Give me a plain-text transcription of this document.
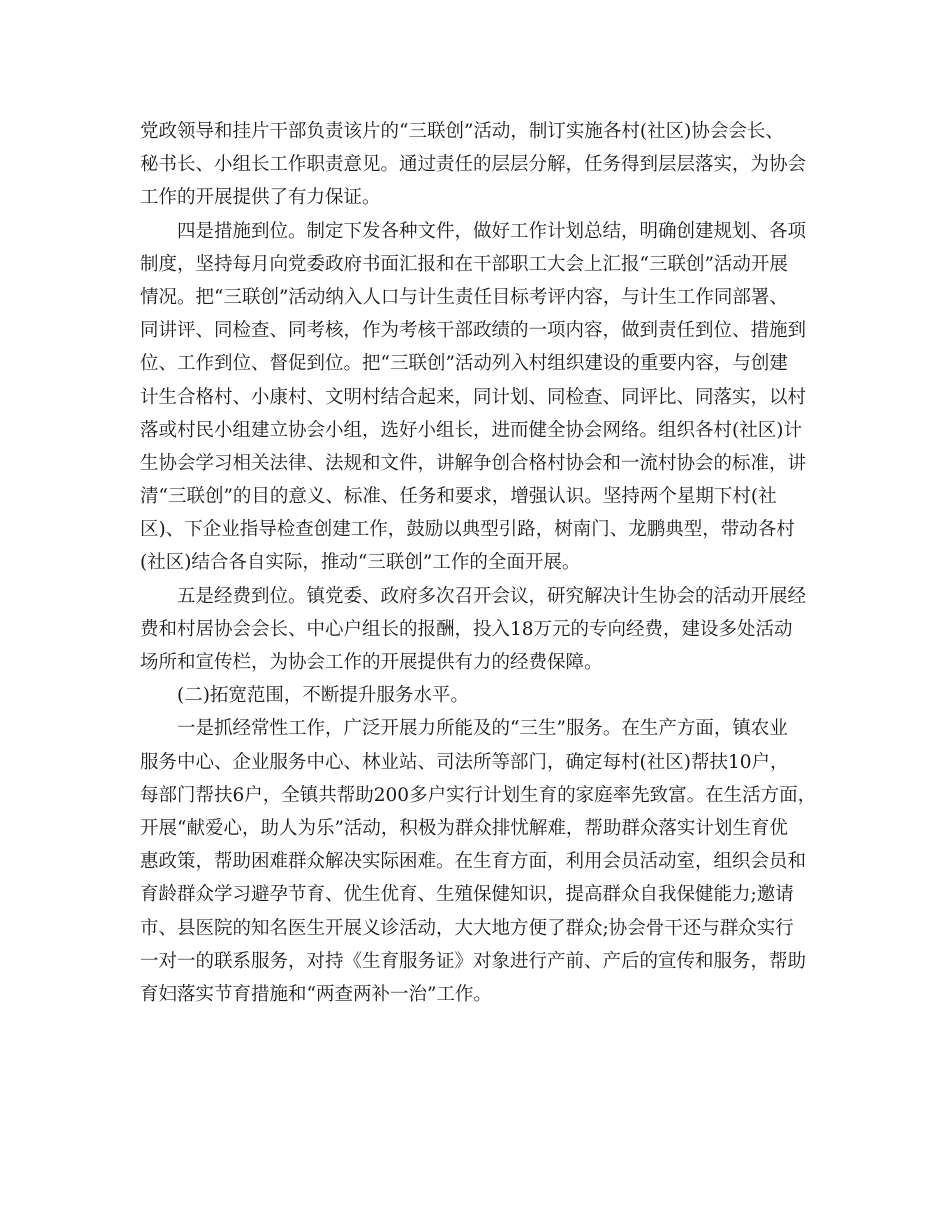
党政领导和挂片干部负责该片的“三联创”活动，制订实施各村(社区)协会会长、
秘书长、小组长工作职责意见。通过责任的层层分解，任务得到层层落实，为协会
工作的开展提供了有力保证。
四是措施到位。制定下发各种文件，做好工作计划总结，明确创建规划、各项
制度，坚持每月向党委政府书面汇报和在干部职工大会上汇报“三联创”活动开展
情况。把“三联创”活动纳入人口与计生责任目标考评内容，与计生工作同部署、
同讲评、同检查、同考核，作为考核干部政绩的一项内容，做到责任到位、措施到
位、工作到位、督促到位。把“三联创”活动列入村组织建设的重要内容，与创建
计生合格村、小康村、文明村结合起来，同计划、同检查、同评比、同落实，以村
落或村民小组建立协会小组，选好小组长，进而健全协会网络。组织各村(社区)计
生协会学习相关法律、法规和文件，讲解争创合格村协会和一流村协会的标准，讲
清“三联创”的目的意义、标准、任务和要求，增强认识。坚持两个星期下村(社
区)、下企业指导检查创建工作，鼓励以典型引路，树南门、龙鹏典型，带动各村
(社区)结合各自实际，推动“三联创”工作的全面开展。
五是经费到位。镇党委、政府多次召开会议，研究解决计生协会的活动开展经
费和村居协会会长、中心户组长的报酬，投入18万元的专向经费，建设多处活动
场所和宣传栏，为协会工作的开展提供有力的经费保障。
(二)拓宽范围，不断提升服务水平。
一是抓经常性工作，广泛开展力所能及的“三生”服务。在生产方面，镇农业
服务中心、企业服务中心、林业站、司法所等部门，确定每村(社区)帮扶10户，
每部门帮扶6户，全镇共帮助200多户实行计划生育的家庭率先致富。在生活方面，
开展“献爱心，助人为乐”活动，积极为群众排忧解难，帮助群众落实计划生育优
惠政策，帮助困难群众解决实际困难。在生育方面，利用会员活动室，组织会员和
育龄群众学习避孕节育、优生优育、生殖保健知识，提高群众自我保健能力;邀请
市、县医院的知名医生开展义诊活动，大大地方便了群众;协会骨干还与群众实行
一对一的联系服务，对持《生育服务证》对象进行产前、产后的宣传和服务，帮助
育妇落实节育措施和“两查两补一治”工作。
